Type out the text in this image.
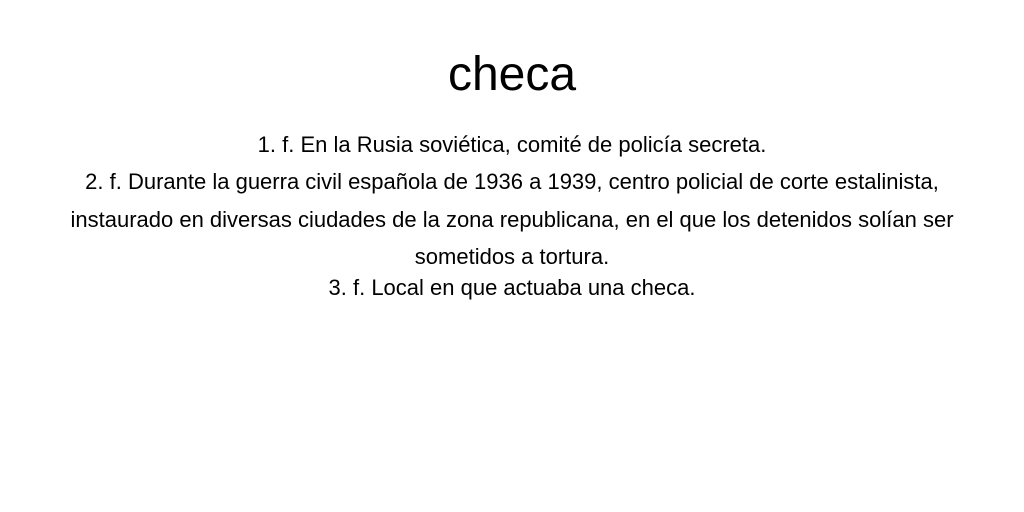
checa
1. f. En la Rusia soviética, comité de policía secreta.
2. f. Durante la guerra civil española de 1936 a 1939, centro policial de corte estalinista, instaurado en diversas ciudades de la zona republicana, en el que los detenidos solían ser sometidos a tortura.
3. f. Local en que actuaba una checa.
